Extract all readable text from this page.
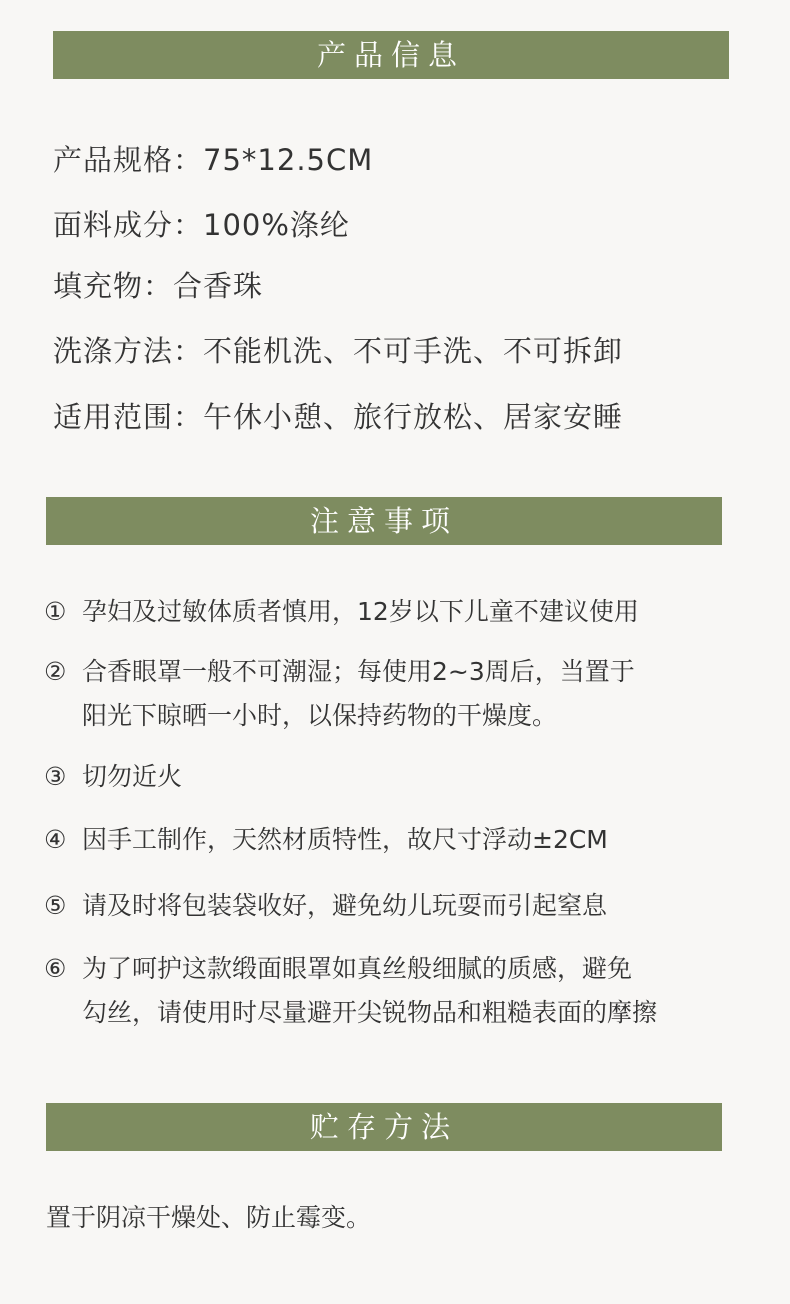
产品信息
产品规格：75*12.5CM
面料成分：100%涤纶
填充物：合香珠
洗涤方法：不能机洗、不可手洗、不可拆卸
适用范围：午休小憩、旅行放松、居家安睡
注意事项
① 孕妇及过敏体质者慎用，12岁以下儿童不建议使用
② 合香眼罩一般不可潮湿；每使用2~3周后，当置于
阳光下晾晒一小时，以保持药物的干燥度。
③ 切勿近火
④ 因手工制作，天然材质特性，故尺寸浮动±2CM
⑤ 请及时将包装袋收好，避免幼儿玩耍而引起窒息
⑥ 为了呵护这款缎面眼罩如真丝般细腻的质感，避免
勾丝，请使用时尽量避开尖锐物品和粗糙表面的摩擦
贮存方法
置于阴凉干燥处、防止霉变。
